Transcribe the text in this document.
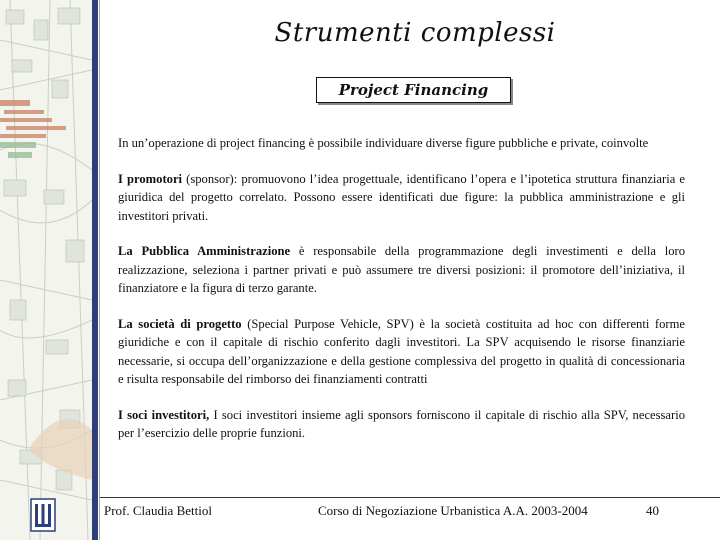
Strumenti complessi
Project Financing

In un’operazione di project financing è possibile individuare diverse figure pubbliche e private, coinvolte

I promotori (sponsor): promuovono l’idea progettuale, identificano l’opera e l’ipotetica struttura finanziaria e giuridica del progetto correlato. Possono essere identificati due figure: la pubblica amministrazione e gli investitori privati.

La Pubblica Amministrazione è responsabile della programmazione degli investimenti e della loro realizzazione, seleziona i partner privati e può assumere tre diversi posizioni: il promotore dell’iniziativa, il finanziatore e la figura di terzo garante.

La società di progetto (Special Purpose Vehicle, SPV) è la società costituita ad hoc con differenti forme giuridiche e con il capitale di rischio conferito dagli investitori. La SPV acquisendo le risorse finanziarie necessarie, si occupa dell’organizzazione e della gestione complessiva del progetto in qualità di concessionaria e risulta responsabile del rimborso dei finanziamenti contratti

I soci investitori, I soci investitori insieme agli sponsors forniscono il capitale di rischio alla SPV, necessario per l’esercizio delle proprie funzioni.

Prof. Claudia Bettiol	Corso di Negoziazione Urbanistica A.A. 2003-2004	40
